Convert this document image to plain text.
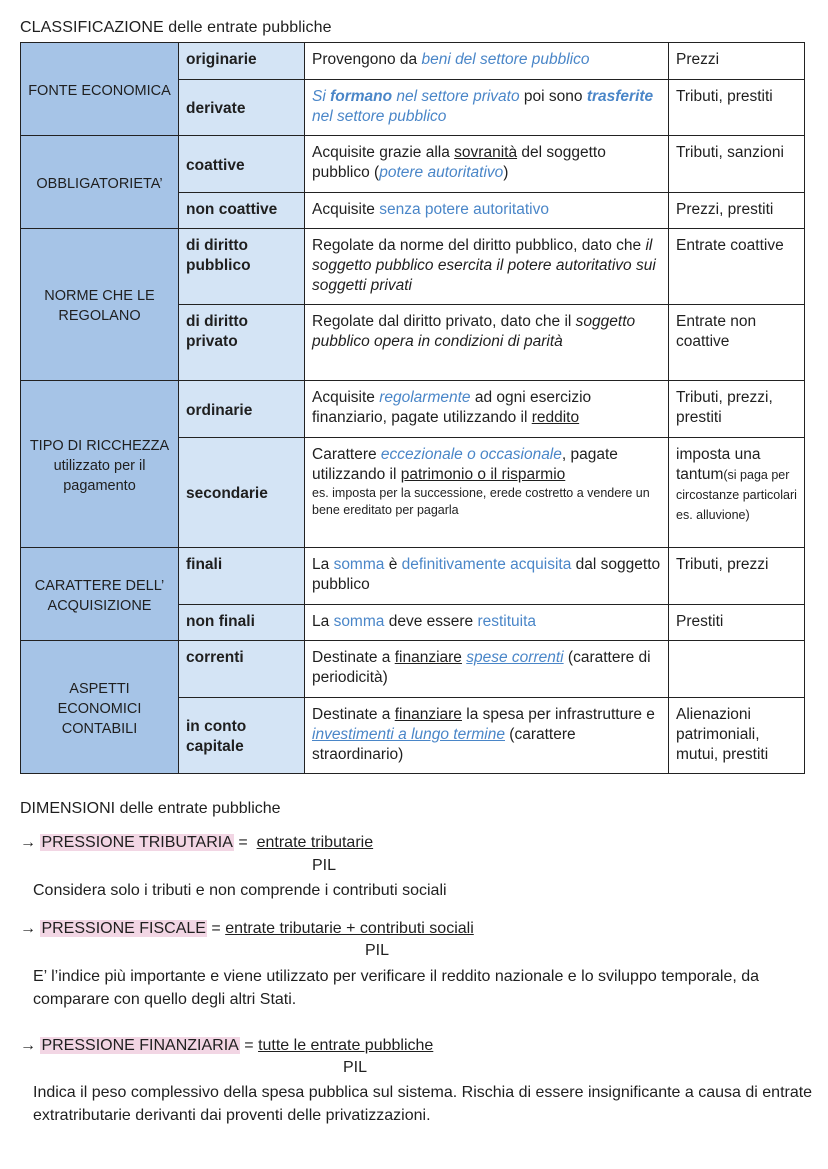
CLASSIFICAZIONE delle entrate pubbliche
FONTE ECONOMICA	originarie	Provengono da beni del settore pubblico	Prezzi
	derivate	Si formano nel settore privato poi sono trasferite nel settore pubblico	Tributi, prestiti
OBBLIGATORIETA’	coattive	Acquisite grazie alla sovranità del soggetto pubblico (potere autoritativo)	Tributi, sanzioni
	non coattive	Acquisite senza potere autoritativo	Prezzi, prestiti
NORME CHE LE REGOLANO	di diritto pubblico	Regolate da norme del diritto pubblico, dato che il soggetto pubblico esercita il potere autoritativo sui soggetti privati	Entrate coattive
	di diritto privato	Regolate dal diritto privato, dato che il soggetto pubblico opera in condizioni di parità	Entrate non coattive
TIPO DI RICCHEZZA utilizzato per il pagamento	ordinarie	Acquisite regolarmente ad ogni esercizio finanziario, pagate utilizzando il reddito	Tributi, prezzi, prestiti
	secondarie	Carattere eccezionale o occasionale, pagate utilizzando il patrimonio o il risparmio
es. imposta per la successione, erede costretto a vendere un bene ereditato per pagarla	imposta una tantum(si paga per circostanze particolari es. alluvione)
CARATTERE DELL’ ACQUISIZIONE	finali	La somma è definitivamente acquisita dal soggetto pubblico	Tributi, prezzi
	non finali	La somma deve essere restituita	Prestiti
ASPETTI ECONOMICI CONTABILI	correnti	Destinate a finanziare spese correnti (carattere di periodicità)	
	in conto capitale	Destinate a finanziare la spesa per infrastrutture e investimenti a lungo termine (carattere straordinario)	Alienazioni patrimoniali, mutui, prestiti
DIMENSIONI delle entrate pubbliche
→ PRESSIONE TRIBUTARIA =  entrate tributarie
PIL
Considera solo i tributi e non comprende i contributi sociali
→ PRESSIONE FISCALE = entrate tributarie + contributi sociali
PIL
E’ l’indice più importante e viene utilizzato per verificare il reddito nazionale e lo sviluppo temporale, da comparare con quello degli altri Stati.
→ PRESSIONE FINANZIARIA = tutte le entrate pubbliche
PIL
Indica il peso complessivo della spesa pubblica sul sistema. Rischia di essere insignificante a causa di entrate extratributarie derivanti dai proventi delle privatizzazioni.
